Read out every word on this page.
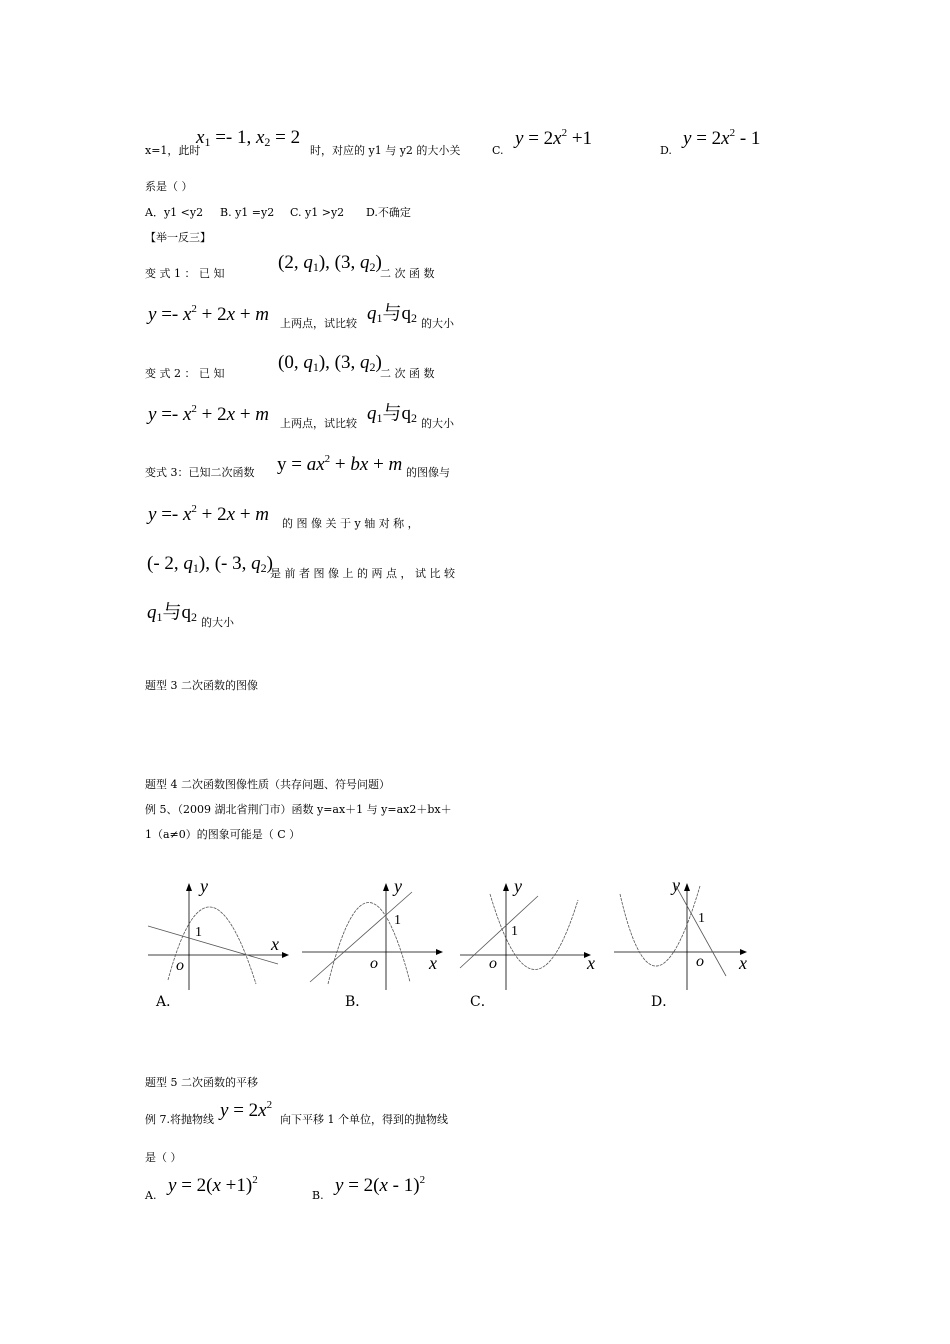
x=1，此时
$x_1 =- 1$, $x_2 = 2$
时，对应的 y1 与 y2 的大小关	C.
$y = 2x^2 +1$
D.
$y = 2x^2 - 1$
系是（ ）
A．y1 <y2 B. y1 =y2 C. y1 >y2 D.不确定
【举一反三】
变 式 1 ： 已 知
(2, $q_1$), (3, $q_2$)
二 次 函 数
$y =- x^2 + 2x + m$ 上两点，试比较 $q_1$与$q_2$ 的大小
变 式 2 ： 已 知
(0, $q_1$), (3, $q_2$)
二 次 函 数
$y =- x^2 + 2x + m$ 上两点，试比较 $q_1$与$q_2$ 的大小
变式 3：已知二次函数 $y = ax^2$ + bx + m 的图像与
$y =- x^2 + 2x + m$ 的 图 像 关 于 y 轴 对 称 ，
(- 2, $q_1$), (- 3, $q_2$)
是 前 者 图 像 上 的 两 点 ， 试 比 较
$q_1$与$q_2$ 的大小
题型 3 二次函数的图像
题型 4 二次函数图像性质（共存问题、符号问题）
例 5、（2009 湖北省荆门市）函数 y=ax＋1 与 y=ax2＋bx＋
1（a≠0）的图象可能是（ C ）
y
x
o
1
A．
y
x
o
1
B．
y
x
o
1
C．
y
x
o
1
D．
题型 5 二次函数的平移
例 7.将抛物线 $y = 2x^2$
向下平移 1 个单位，得到的抛物线
是（ ）
A. $y = 2(x +1)^2$
B. y = 2(x - 1)$^2$
